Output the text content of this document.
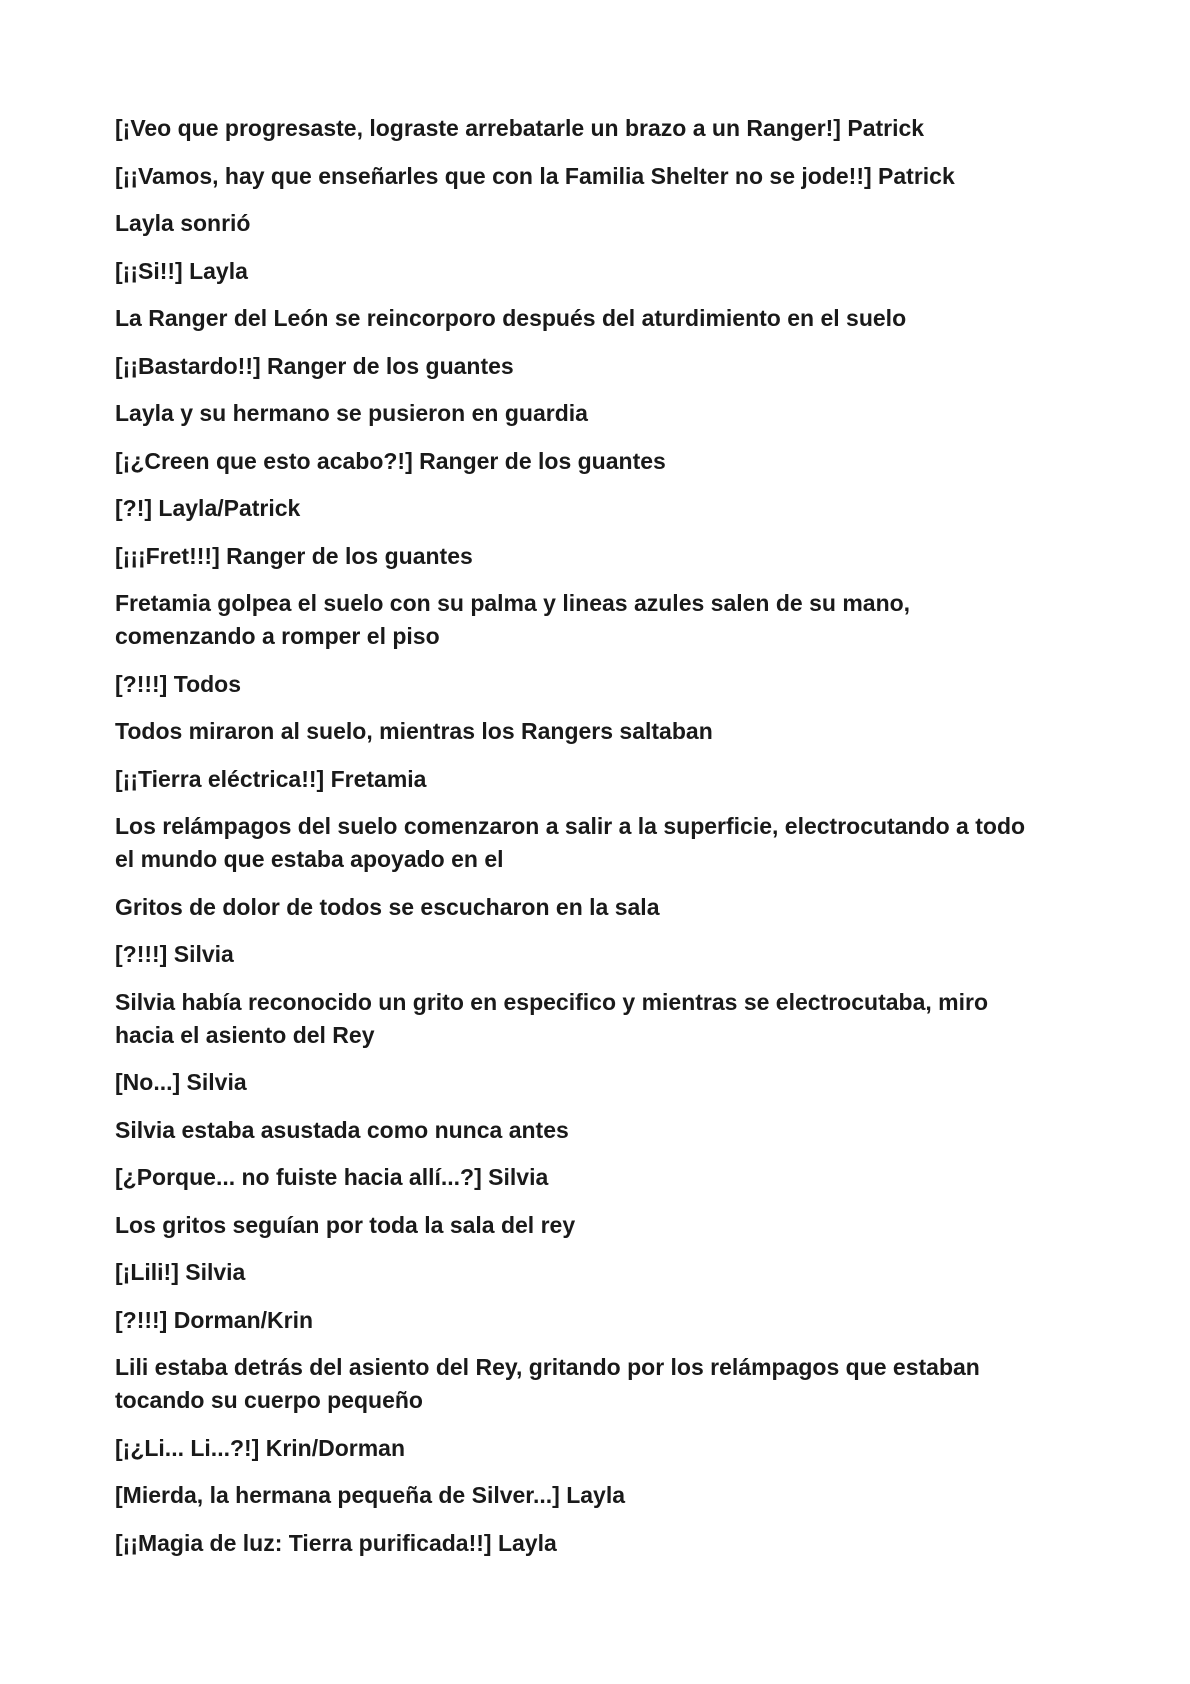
[¡Veo que progresaste, lograste arrebatarle un brazo a un Ranger!] Patrick

[¡¡Vamos, hay que enseñarles que con la Familia Shelter no se jode!!] Patrick

Layla sonrió

[¡¡Si!!] Layla

La Ranger del León se reincorporo después del aturdimiento en el suelo

[¡¡Bastardo!!] Ranger de los guantes

Layla y su hermano se pusieron en guardia

[¡¿Creen que esto acabo?!] Ranger de los guantes

[?!] Layla/Patrick

[¡¡¡Fret!!!] Ranger de los guantes

Fretamia golpea el suelo con su palma y lineas azules salen de su mano,
comenzando a romper el piso

[?!!!] Todos

Todos miraron al suelo, mientras los Rangers saltaban

[¡¡Tierra eléctrica!!] Fretamia

Los relámpagos del suelo comenzaron a salir a la superficie, electrocutando a todo
el mundo que estaba apoyado en el

Gritos de dolor de todos se escucharon en la sala

[?!!!] Silvia

Silvia había reconocido un grito en especifico y mientras se electrocutaba, miro
hacia el asiento del Rey

[No...] Silvia

Silvia estaba asustada como nunca antes

[¿Porque... no fuiste hacia allí...?] Silvia

Los gritos seguían por toda la sala del rey

[¡Lili!] Silvia

[?!!!] Dorman/Krin

Lili estaba detrás del asiento del Rey, gritando por los relámpagos que estaban
tocando su cuerpo pequeño

[¡¿Li... Li...?!] Krin/Dorman

[Mierda, la hermana pequeña de Silver...] Layla

[¡¡Magia de luz: Tierra purificada!!] Layla
